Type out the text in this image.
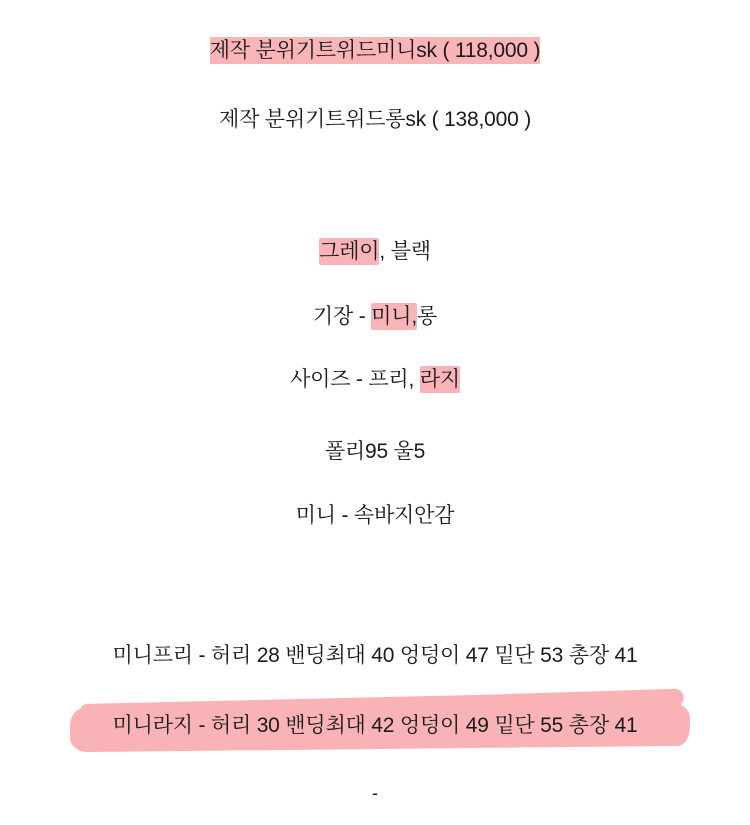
제작 분위기트위드미니sk ( 118,000 )
제작 분위기트위드롱sk ( 138,000 )
그레이, 블랙
기장 - 미니,롱
사이즈 - 프리, 라지
폴리95 울5
미니 - 속바지안감
미니프리 - 허리 28 밴딩최대 40 엉덩이 47 밑단 53 총장 41
미니라지 - 허리 30 밴딩최대 42 엉덩이 49 밑단 55 총장 41
-
